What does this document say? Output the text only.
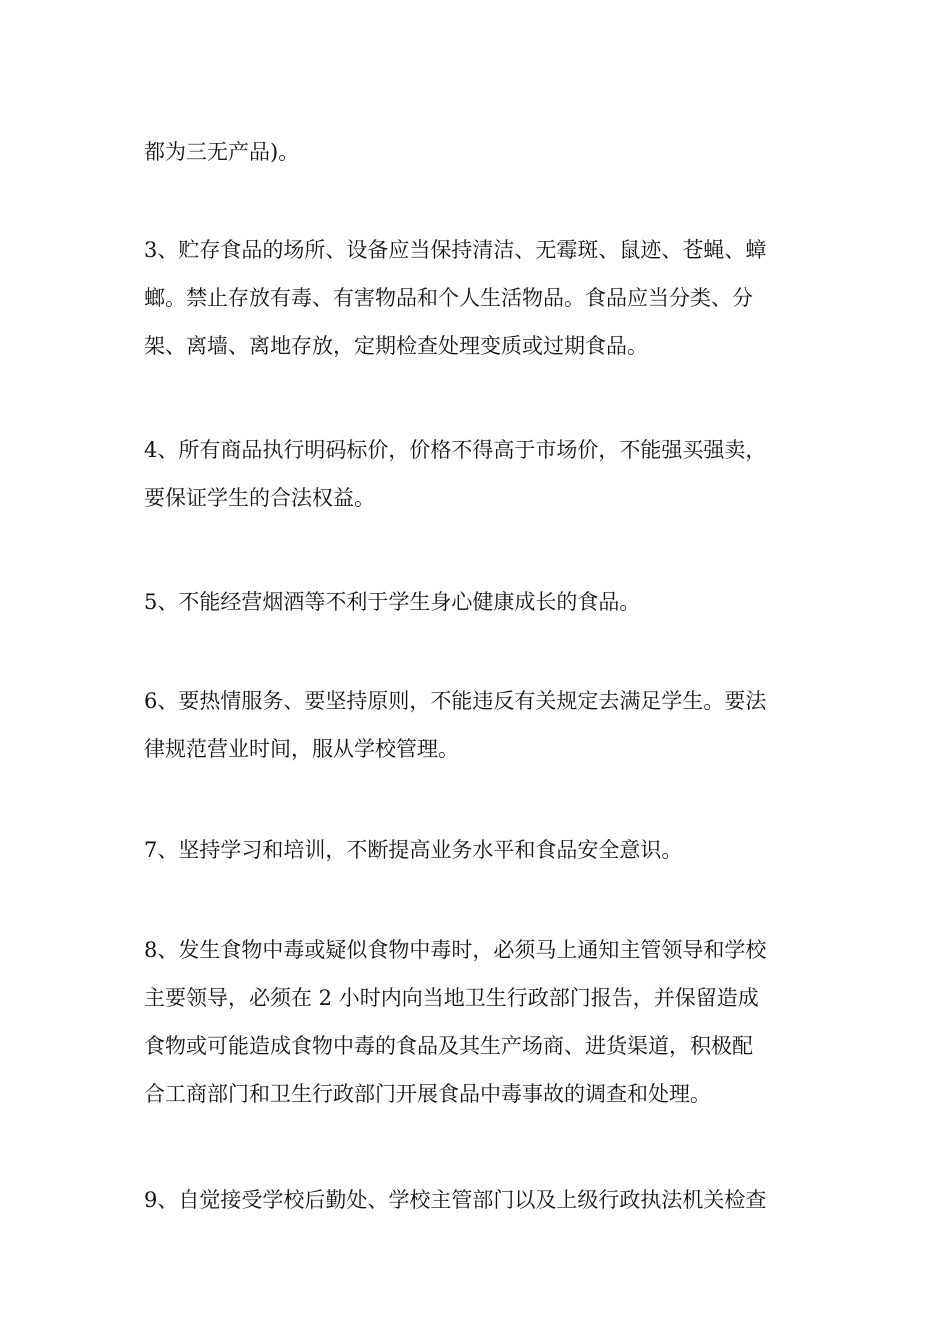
都为三无产品)。
3、贮存食品的场所、设备应当保持清洁、无霉斑、鼠迹、苍蝇、蟑
螂。禁止存放有毒、有害物品和个人生活物品。食品应当分类、分
架、离墙、离地存放，定期检查处理变质或过期食品。
4、所有商品执行明码标价，价格不得高于市场价，不能强买强卖，
要保证学生的合法权益。
5、不能经营烟酒等不利于学生身心健康成长的食品。
6、要热情服务、要坚持原则，不能违反有关规定去满足学生。要法
律规范营业时间，服从学校管理。
7、坚持学习和培训，不断提高业务水平和食品安全意识。
8、发生食物中毒或疑似食物中毒时，必须马上通知主管领导和学校
主要领导，必须在 2 小时内向当地卫生行政部门报告，并保留造成
食物或可能造成食物中毒的食品及其生产场商、进货渠道，积极配
合工商部门和卫生行政部门开展食品中毒事故的调查和处理。
9、自觉接受学校后勤处、学校主管部门以及上级行政执法机关检查
